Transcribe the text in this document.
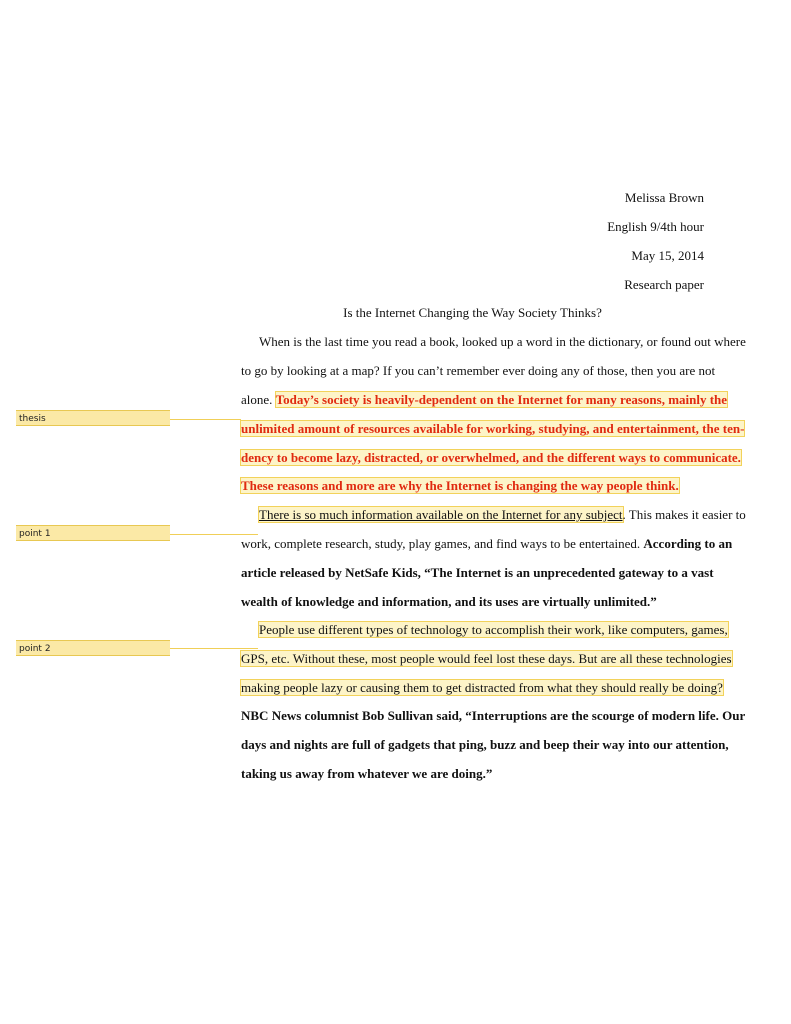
Melissa Brown
English 9/4th hour
May 15, 2014
Research paper
Is the Internet Changing the Way Society Thinks?
When is the last time you read a book, looked up a word in the dictionary, or found out where
to go by looking at a map? If you can’t remember ever doing any of those, then you are not
alone. Today’s society is heavily-dependent on the Internet for many reasons, mainly the
unlimited amount of resources available for working, studying, and entertainment, the ten-
dency to become lazy, distracted, or overwhelmed, and the different ways to communicate.
These reasons and more are why the Internet is changing the way people think.
There is so much information available on the Internet for any subject. This makes it easier to
work, complete research, study, play games, and find ways to be entertained. According to an
article released by NetSafe Kids, “The Internet is an unprecedented gateway to a vast
wealth of knowledge and information, and its uses are virtually unlimited.”
People use different types of technology to accomplish their work, like computers, games,
GPS, etc. Without these, most people would feel lost these days. But are all these technologies
making people lazy or causing them to get distracted from what they should really be doing?
NBC News columnist Bob Sullivan said, “Interruptions are the scourge of modern life. Our
days and nights are full of gadgets that ping, buzz and beep their way into our attention,
taking us away from whatever we are doing.”
thesis
point 1
point 2
